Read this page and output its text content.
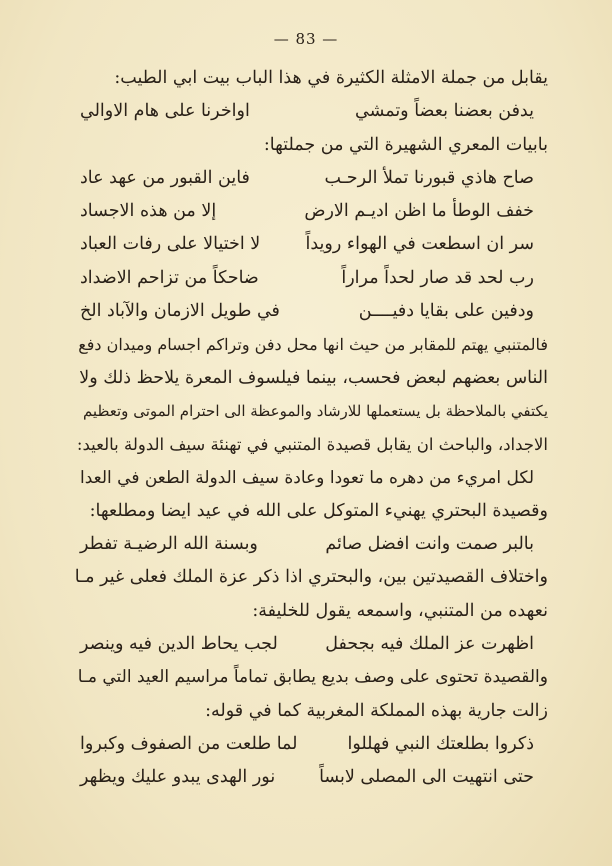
— 83 —
يقابل من جملة الامثلة الكثيرة في هذا الباب بيت ابي الطيب:
يدفن بعضنا بعضاً وتمشي
اواخرنا على هام الاوالي
بابيات المعري الشهيرة التي من جملتها:
صاح هاذي قبورنا تملأ الرحـب
فاين القبور من عهد عاد
خفف الوطأ ما اظن اديـم الارض
إلا من هذه الاجساد
سر ان اسطعت في الهواء رويداً
لا اختيالا على رفات العباد
رب لحد قد صار لحداً مراراً
ضاحكاً من تزاحم الاضداد
ودفين على بقايا دفيــــن
في طويل الازمان والآباد الخ
فالمتنبي يهتم للمقابر من حيث انها محل دفن وتراكم اجسام وميدان دفع
الناس بعضهم لبعض فحسب، بينما فيلسوف المعرة يلاحظ ذلك ولا
يكتفي بالملاحظة بل يستعملها للارشاد والموعظة الى احترام الموتى وتعظيم
الاجداد، والباحث ان يقابل قصيدة المتنبي في تهنئة سيف الدولة بالعيد:
لكل امريء من دهره ما تعودا
وعادة سيف الدولة الطعن في العدا
وقصيدة البحتري يهنيء المتوكل على الله في عيد ايضا ومطلعها:
بالبر صمت وانت افضل صائم
وبسنة الله الرضيـة تفطر
واختلاف القصيدتين بين، والبحتري اذا ذكر عزة الملك فعلى غير مـا
نعهده من المتنبي، واسمعه يقول للخليفة:
اظهرت عز الملك فيه بجحفل
لجب يحاط الدين فيه وينصر
والقصيدة تحتوى على وصف بديع يطابق تماماً مراسيم العيد التي مـا
زالت جارية بهذه المملكة المغربية كما في قوله:
ذكروا بطلعتك النبي فهللوا
لما طلعت من الصفوف وكبروا
حتى انتهيت الى المصلى لابساً
نور الهدى يبدو عليك ويظهر
